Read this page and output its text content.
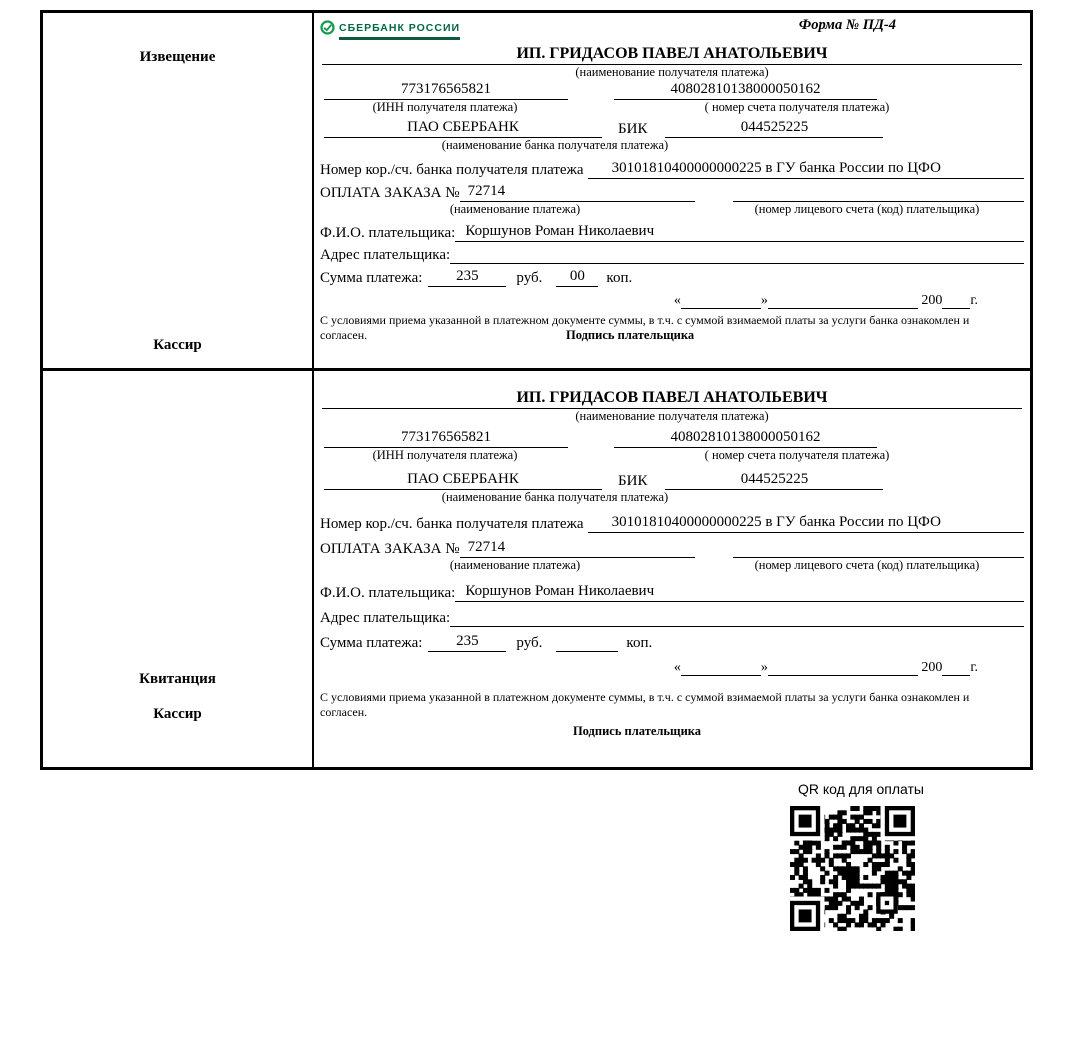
Извещение
Кассир
СБЕРБАНК РОССИИ	Форма № ПД-4
ИП. ГРИДАСОВ ПАВЕЛ АНАТОЛЬЕВИЧ
(наименование получателя платежа)
773176565821	40802810138000050162
(ИНН получателя платежа)	( номер счета получателя платежа)
ПАО СБЕРБАНК	БИК	044525225
(наименование банка получателя платежа)
Номер кор./сч. банка получателя платежа	30101810400000000225 в ГУ банка России по ЦФО
ОПЛАТА ЗАКАЗА № 72714
(наименование платежа)	(номер лицевого счета (код) плательщика)
Ф.И.О. плательщика: Коршунов Роман Николаевич
Адрес плательщика:
Сумма платежа:	235	руб.	00	коп.
«	»	200 г.
С условиями приема указанной в платежном документе суммы, в т.ч. с суммой взимаемой платы за услуги банка ознакомлен и согласен.	Подпись плательщика
Квитанция
Кассир
ИП. ГРИДАСОВ ПАВЕЛ АНАТОЛЬЕВИЧ
(наименование получателя платежа)
773176565821	40802810138000050162
(ИНН получателя платежа)	( номер счета получателя платежа)
ПАО СБЕРБАНК	БИК	044525225
(наименование банка получателя платежа)
Номер кор./сч. банка получателя платежа	30101810400000000225 в ГУ банка России по ЦФО
ОПЛАТА ЗАКАЗА № 72714
(наименование платежа)	(номер лицевого счета (код) плательщика)
Ф.И.О. плательщика: Коршунов Роман Николаевич
Адрес плательщика:
Сумма платежа:	235	руб.	коп.
«	»	200 г.
С условиями приема указанной в платежном документе суммы, в т.ч. с суммой взимаемой платы за услуги банка ознакомлен и согласен.
Подпись плательщика
QR код для оплаты
